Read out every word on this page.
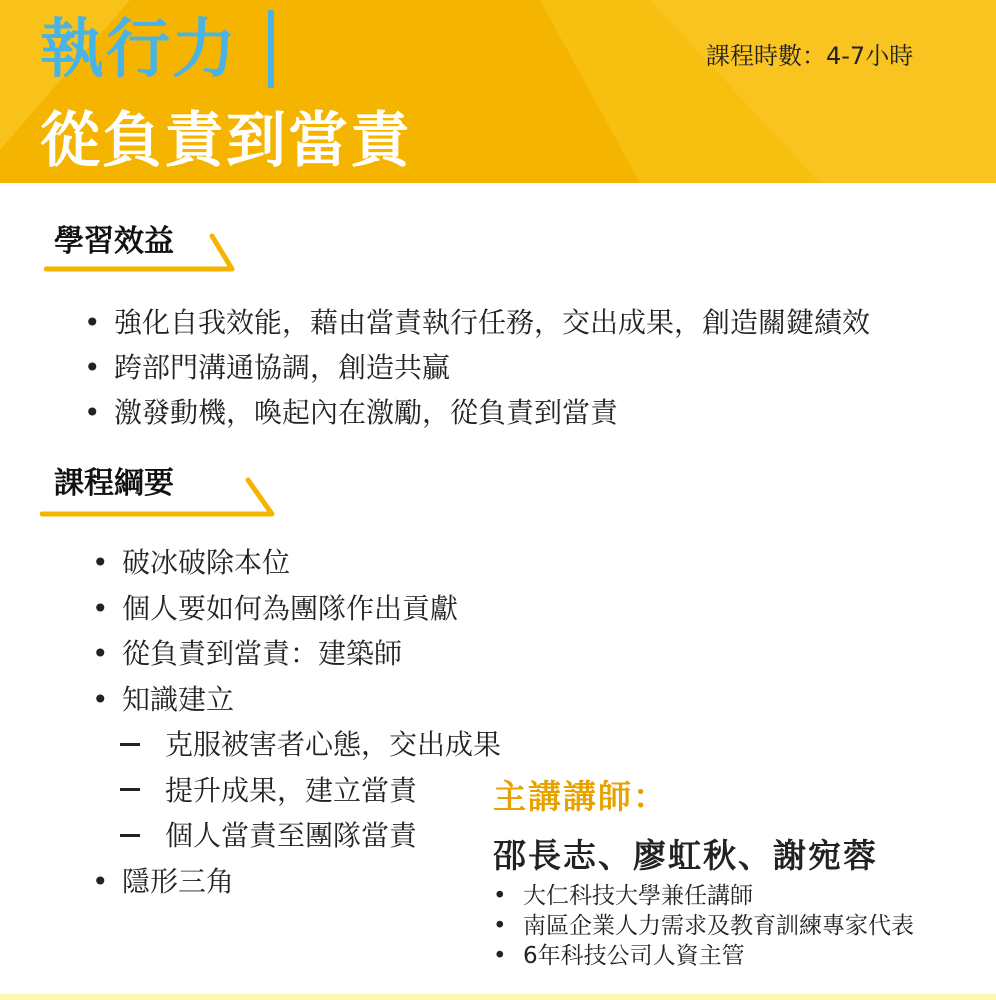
執行力
從負責到當責
課程時數：4-7小時
學習效益
• 強化自我效能，藉由當責執行任務，交出成果，創造關鍵績效
• 跨部門溝通協調，創造共贏
• 激發動機，喚起內在激勵，從負責到當責
課程綱要
• 破冰破除本位
• 個人要如何為團隊作出貢獻
• 從負責到當責：建築師
• 知識建立
克服被害者心態，交出成果
提升成果，建立當責
個人當責至團隊當責
• 隱形三角
主講講師：
邵長志、廖虹秋、謝宛蓉
• 大仁科技大學兼任講師
• 南區企業人力需求及教育訓練專家代表
• 6年科技公司人資主管
